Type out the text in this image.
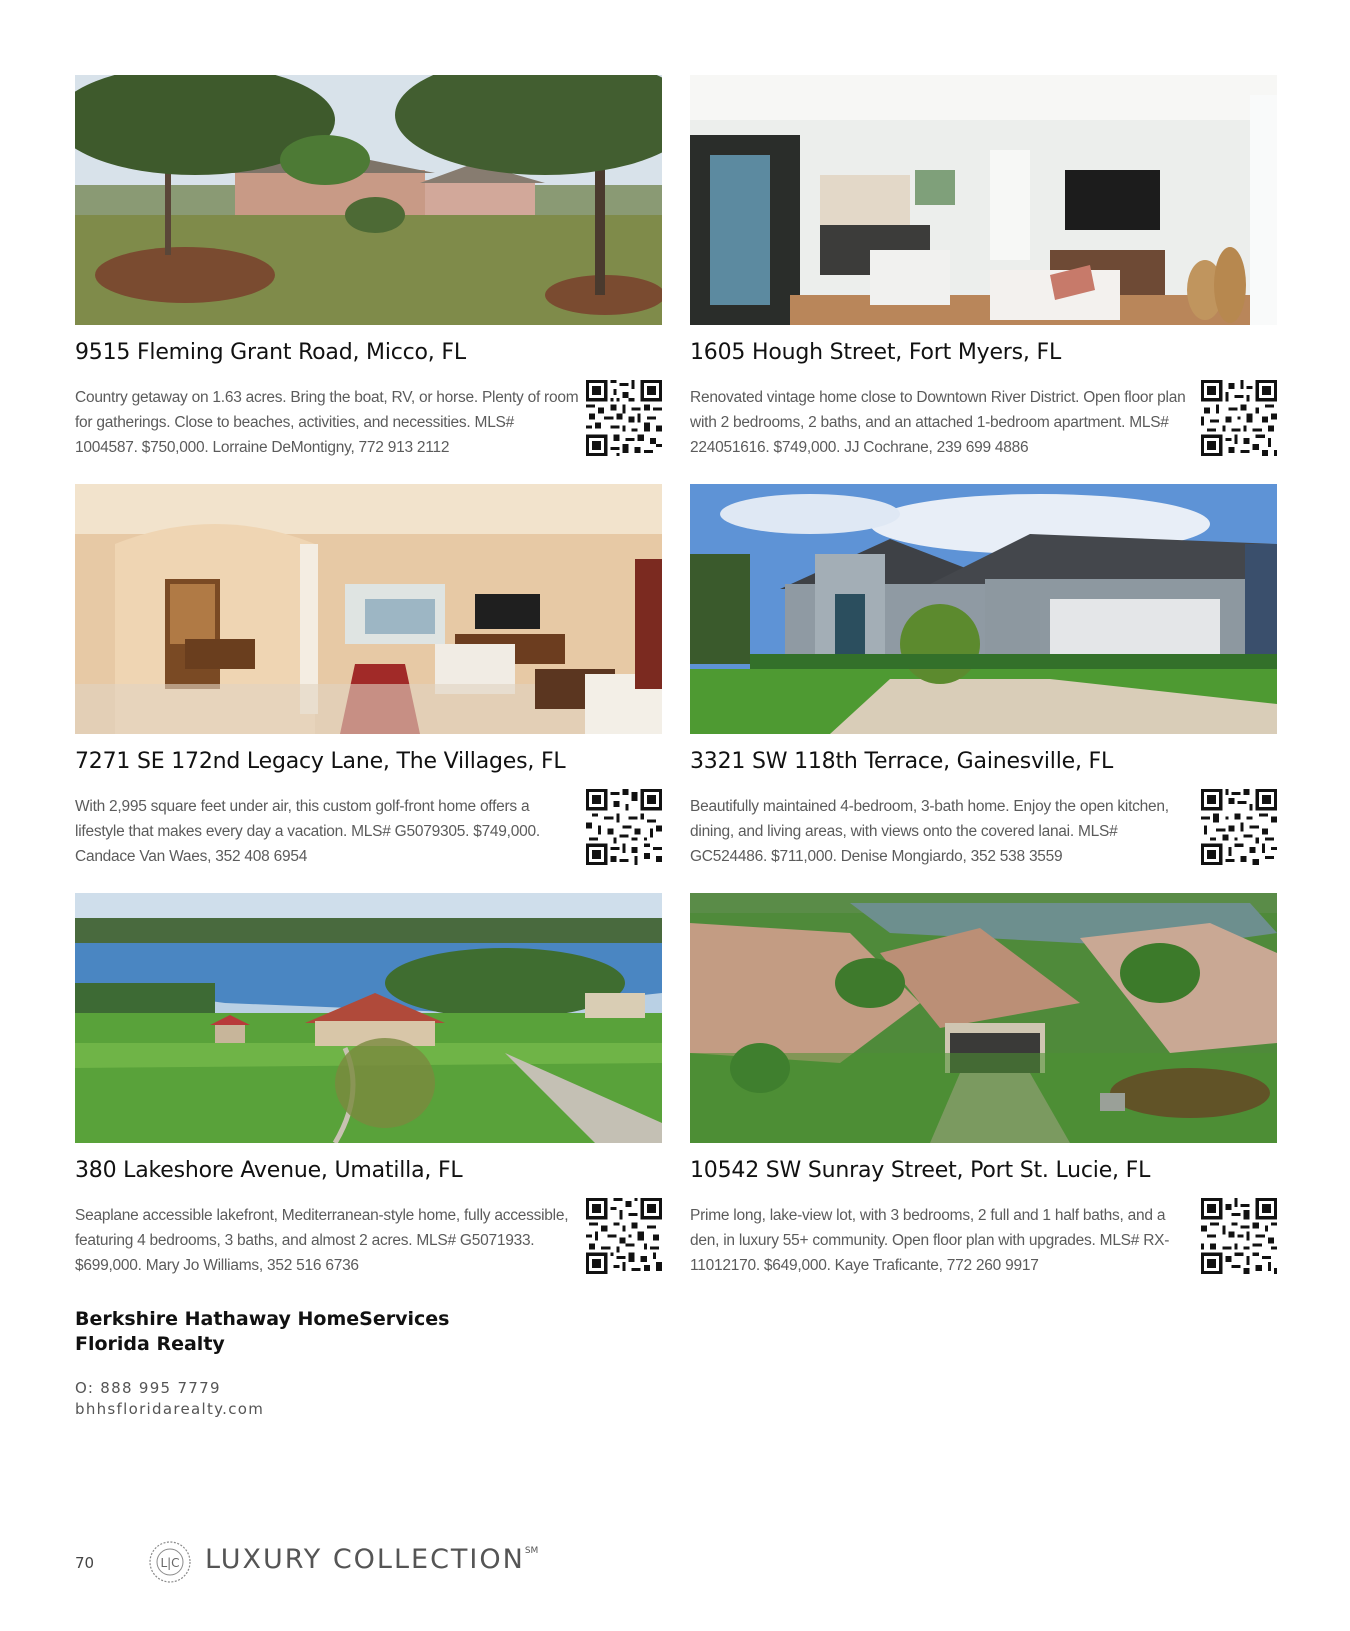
9515 Fleming Grant Road, Micco, FL
Country getaway on 1.63 acres. Bring the boat, RV, or horse. Plenty of room for gatherings. Close to beaches, activities, and necessities. MLS# 1004587. $750,000. Lorraine DeMontigny, 772 913 2112
1605 Hough Street, Fort Myers, FL
Renovated vintage home close to Downtown River District. Open floor plan with 2 bedrooms, 2 baths, and an attached 1-bedroom apartment. MLS# 224051616. $749,000. JJ Cochrane, 239 699 4886
7271 SE 172nd Legacy Lane, The Villages, FL
With 2,995 square feet under air, this custom golf-front home offers a lifestyle that makes every day a vacation. MLS# G5079305. $749,000. Candace Van Waes, 352 408 6954
3321 SW 118th Terrace, Gainesville, FL
Beautifully maintained 4-bedroom, 3-bath home. Enjoy the open kitchen, dining, and living areas, with views onto the covered lanai. MLS# GC524486. $711,000. Denise Mongiardo, 352 538 3559
380 Lakeshore Avenue, Umatilla, FL
Seaplane accessible lakefront, Mediterranean-style home, fully accessible, featuring 4 bedrooms, 3 baths, and almost 2 acres. MLS# G5071933. $699,000. Mary Jo Williams, 352 516 6736
10542 SW Sunray Street, Port St. Lucie, FL
Prime long, lake-view lot, with 3 bedrooms, 2 full and 1 half baths, and a den, in luxury 55+ community. Open floor plan with upgrades. MLS# RX-11012170. $649,000. Kaye Traficante, 772 260 9917
Berkshire Hathaway HomeServices
Florida Realty
O: 888 995 7779
bhhsfloridarealty.com
70	L|C LUXURY COLLECTION℠
